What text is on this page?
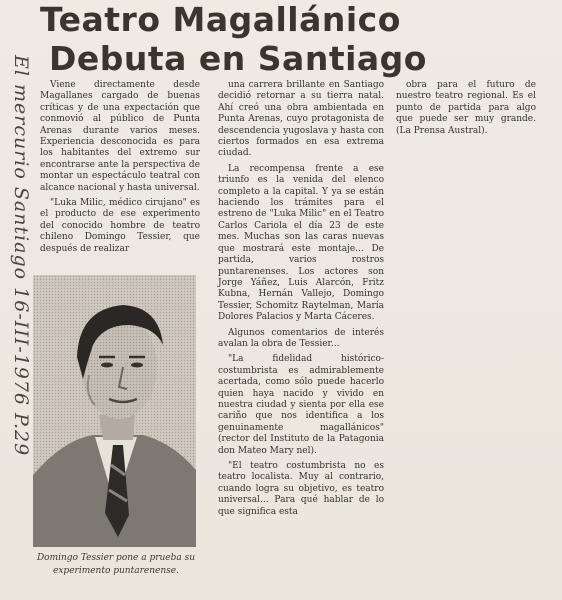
Teatro Magallánico
Debuta en Santiago
El mercurio Santiago 16-III-1976 P.29	Viene directamente desde Magallanes cargado de buenas críticas y de una expectación que conmovió al público de Punta Arenas durante varios meses. Experiencia desconocida es para los habitantes del extremo sur encontrarse ante la perspectiva de montar un espectáculo teatral con alcance nacional y hasta universal.

"Luka Milic, médico cirujano" es el producto de ese experimento del conocido hombre de teatro chileno Domingo Tessier, que después de realizar

una carrera brillante en Santiago decidió retornar a su tierra natal. Ahí creó una obra ambientada en Punta Arenas, cuyo protagonista de descendencia yugoslava y hasta con ciertos formados en esa extrema ciudad.

La recompensa frente a ese triunfo es la venida del elenco completo a la capital. Y ya se están haciendo los trámites para el estreno de "Luka Milic" en el Teatro Carlos Cariola el día 23 de este mes. Muchas son las caras nuevas que mostrará este montaje... De partida, varios rostros puntarenenses. Los actores son Jorge Yáñez, Luis Alarcón, Fritz Kubna, Hernán Vallejo, Domingo Tessier, Schomitz Raytelman, María Dolores Palacios y Marta Cáceres.

Algunos comentarios de interés avalan la obra de Tessier...

"La fidelidad histórico-costumbrista es admirablemente acertada, como sólo puede hacerlo quien haya nacido y vivido en nuestra ciudad y sienta por ella ese cariño que nos identifica a los genuinamente magallánicos" (rector del Instituto de la Patagonia don Mateo Mary nel).

"El teatro costumbrista no es teatro localista. Muy al contrario, cuando logra su objetivo, es teatro universal... Para qué hablar de lo que significa esta

obra para el futuro de nuestro teatro regional. Es el punto de partida para algo que puede ser muy grande. (La Prensa Austral).

Domingo Tessier pone a prueba su experimento puntarenense.
